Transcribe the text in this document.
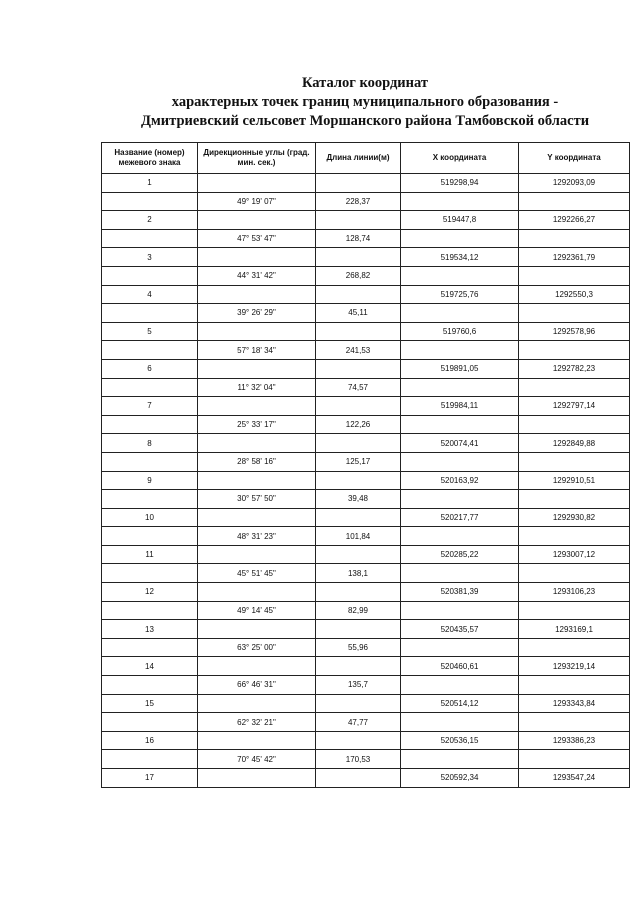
Каталог координат
характерных точек границ муниципального образования -
Дмитриевский сельсовет Моршанского района Тамбовской области
Название (номер) межевого знака	Дирекционные углы (град. мин. сек.)	Длина линии(м)	X координата	Y координата
1			519298,94	1292093,09
	49° 19' 07"	228,37		
2			519447,8	1292266,27
	47° 53' 47"	128,74		
3			519534,12	1292361,79
	44° 31' 42"	268,82		
4			519725,76	1292550,3
	39° 26' 29"	45,11		
5			519760,6	1292578,96
	57° 18' 34"	241,53		
6			519891,05	1292782,23
	11° 32' 04"	74,57		
7			519984,11	1292797,14
	25° 33' 17"	122,26		
8			520074,41	1292849,88
	28° 58' 16"	125,17		
9			520163,92	1292910,51
	30° 57' 50"	39,48		
10			520217,77	1292930,82
	48° 31' 23"	101,84		
11			520285,22	1293007,12
	45° 51' 45"	138,1		
12			520381,39	1293106,23
	49° 14' 45"	82,99		
13			520435,57	1293169,1
	63° 25' 00"	55,96		
14			520460,61	1293219,14
	66° 46' 31"	135,7		
15			520514,12	1293343,84
	62° 32' 21"	47,77		
16			520536,15	1293386,23
	70° 45' 42"	170,53		
17			520592,34	1293547,24
